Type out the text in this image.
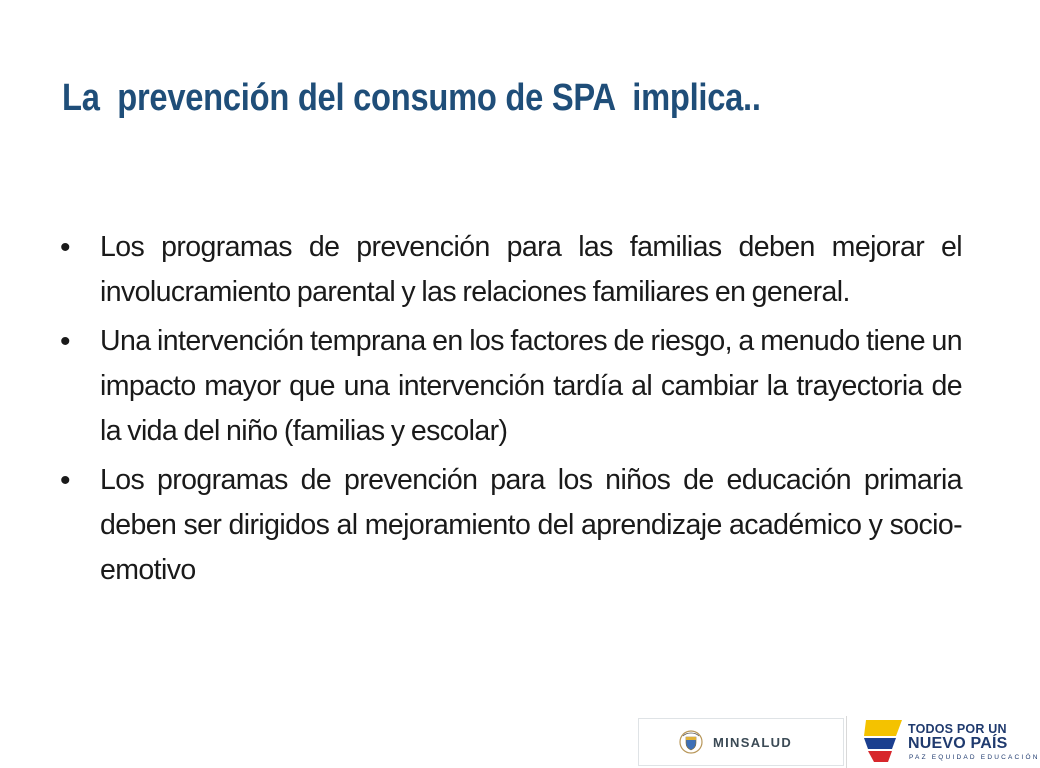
La  prevención del consumo de SPA  implica..
• Los programas de prevención para las familias deben mejorar el involucramiento parental y las relaciones familiares en general.
• Una intervención temprana en los factores de riesgo, a menudo tiene un impacto mayor que una intervención tardía al cambiar la trayectoria de la vida del niño (familias y escolar)
• Los programas de prevención para los niños de educación primaria deben ser dirigidos al mejoramiento del aprendizaje académico y socio-emotivo
MINSALUD
TODOS POR UN
NUEVO PAÍS
PAZ EQUIDAD EDUCACIÓN
